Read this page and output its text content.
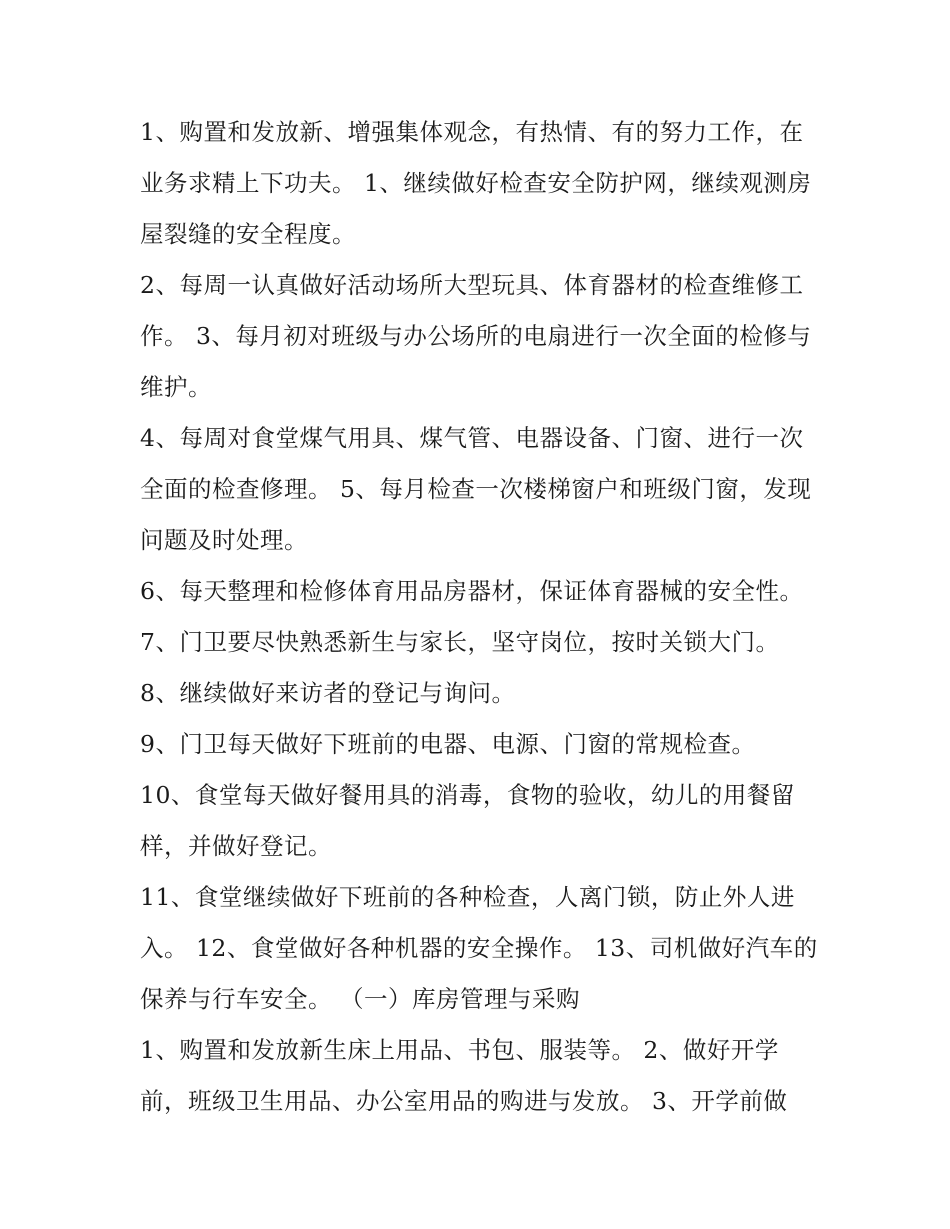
1、购置和发放新、增强集体观念，有热情、有的努力工作，在业务求精上下功夫。 1、继续做好检查安全防护网，继续观测房屋裂缝的安全程度。

2、每周一认真做好活动场所大型玩具、体育器材的检查维修工作。 3、每月初对班级与办公场所的电扇进行一次全面的检修与维护。

4、每周对食堂煤气用具、煤气管、电器设备、门窗、进行一次全面的检查修理。 5、每月检查一次楼梯窗户和班级门窗，发现问题及时处理。

6、每天整理和检修体育用品房器材，保证体育器械的安全性。 7、门卫要尽快熟悉新生与家长，坚守岗位，按时关锁大门。 8、继续做好来访者的登记与询问。

9、门卫每天做好下班前的电器、电源、门窗的常规检查。

10、食堂每天做好餐用具的消毒，食物的验收，幼儿的用餐留样，并做好登记。

11、食堂继续做好下班前的各种检查，人离门锁，防止外人进入。 12、食堂做好各种机器的安全操作。 13、司机做好汽车的保养与行车安全。 （一）库房管理与采购

1、购置和发放新生床上用品、书包、服装等。 2、做好开学前，班级卫生用品、办公室用品的购进与发放。 3、开学前做
